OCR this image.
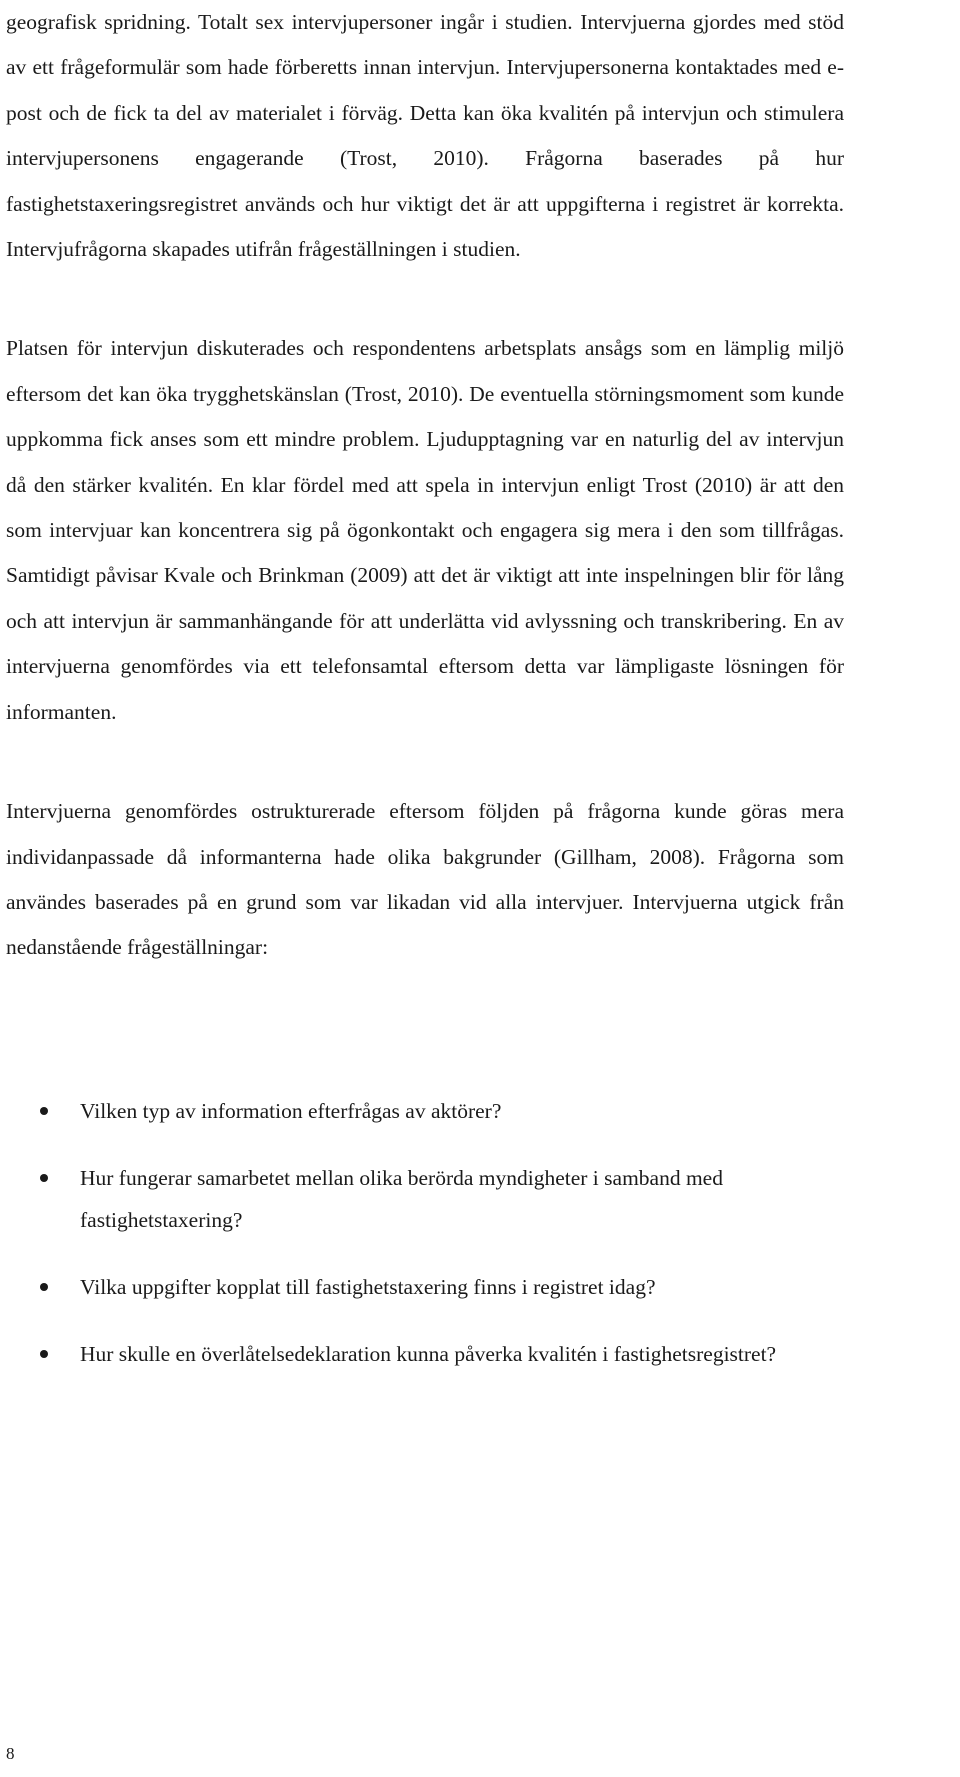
geografisk spridning. Totalt sex intervjupersoner ingår i studien. Intervjuerna gjordes med stöd av ett frågeformulär som hade förberetts innan intervjun. Intervjupersonerna kontaktades med e-post och de fick ta del av materialet i förväg. Detta kan öka kvalitén på intervjun och stimulera intervjupersonens engagerande (Trost, 2010). Frågorna baserades på hur fastighetstaxeringsregistret används och hur viktigt det är att uppgifterna i registret är korrekta. Intervjufrågorna skapades utifrån frågeställningen i studien.

Platsen för intervjun diskuterades och respondentens arbetsplats ansågs som en lämplig miljö eftersom det kan öka trygghetskänslan (Trost, 2010). De eventuella störningsmoment som kunde uppkomma fick anses som ett mindre problem. Ljudupptagning var en naturlig del av intervjun då den stärker kvalitén. En klar fördel med att spela in intervjun enligt Trost (2010) är att den som intervjuar kan koncentrera sig på ögonkontakt och engagera sig mera i den som tillfrågas. Samtidigt påvisar Kvale och Brinkman (2009) att det är viktigt att inte inspelningen blir för lång och att intervjun är sammanhängande för att underlätta vid avlyssning och transkribering. En av intervjuerna genomfördes via ett telefonsamtal eftersom detta var lämpligaste lösningen för informanten.

Intervjuerna genomfördes ostrukturerade eftersom följden på frågorna kunde göras mera individanpassade då informanterna hade olika bakgrunder (Gillham, 2008). Frågorna som användes baserades på en grund som var likadan vid alla intervjuer. Intervjuerna utgick från nedanstående frågeställningar:

Vilken typ av information efterfrågas av aktörer?
Hur fungerar samarbetet mellan olika berörda myndigheter i samband med fastighetstaxering?
Vilka uppgifter kopplat till fastighetstaxering finns i registret idag?
Hur skulle en överlåtelsedeklaration kunna påverka kvalitén i fastighetsregistret?
8
